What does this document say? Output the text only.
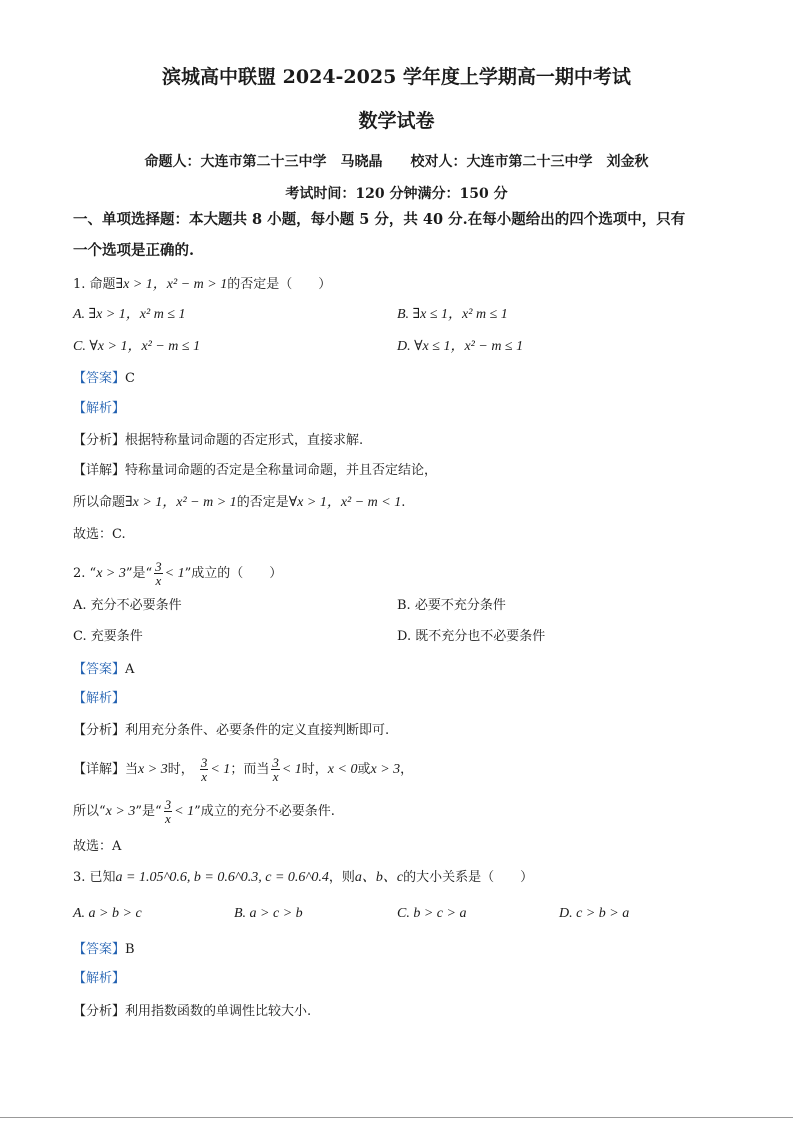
滨城高中联盟 2024-2025 学年度上学期高一期中考试
数学试卷
命题人：大连市第二十三中学　马晓晶　　校对人：大连市第二十三中学　刘金秋
考试时间：120 分钟满分：150 分
一、单项选择题：本大题共 8 小题，每小题 5 分，共 40 分.在每小题给出的四个选项中，只有
一个选项是正确的.
1. 命题∃x > 1，x² − m > 1的否定是（　　）
A. ∃x > 1，x² m ≤ 1	B. ∃x ≤ 1，x² m ≤ 1
C. ∀x > 1，x² − m ≤ 1	D. ∀x ≤ 1，x² − m ≤ 1
【答案】C
【解析】
【分析】根据特称量词命题的否定形式，直接求解.
【详解】特称量词命题的否定是全称量词命题，并且否定结论，
所以命题∃x > 1，x² − m > 1的否定是∀x > 1，x² − m < 1.
故选：C.
2. “x > 3”是“ $\frac{3}{x} < 1$”成立的（　　）
A. 充分不必要条件	B. 必要不充分条件
C. 充要条件	D. 既不充分也不必要条件
【答案】A
【解析】
【分析】利用充分条件、必要条件的定义直接判断即可.
【详解】当x > 3时， $\frac{3}{x} < 1$；而当 $\frac{3}{x} < 1$时，x < 0或x > 3，
所以“x > 3”是“ $\frac{3}{x} < 1$”成立的充分不必要条件.
故选：A
3. 已知a = 1.05^0.6, b = 0.6^0.3, c = 0.6^0.4，则a、b、c的大小关系是（　　）
A. a > b > c	B. a > c > b	C. b > c > a	D. c > b > a
【答案】B
【解析】
【分析】利用指数函数的单调性比较大小.
